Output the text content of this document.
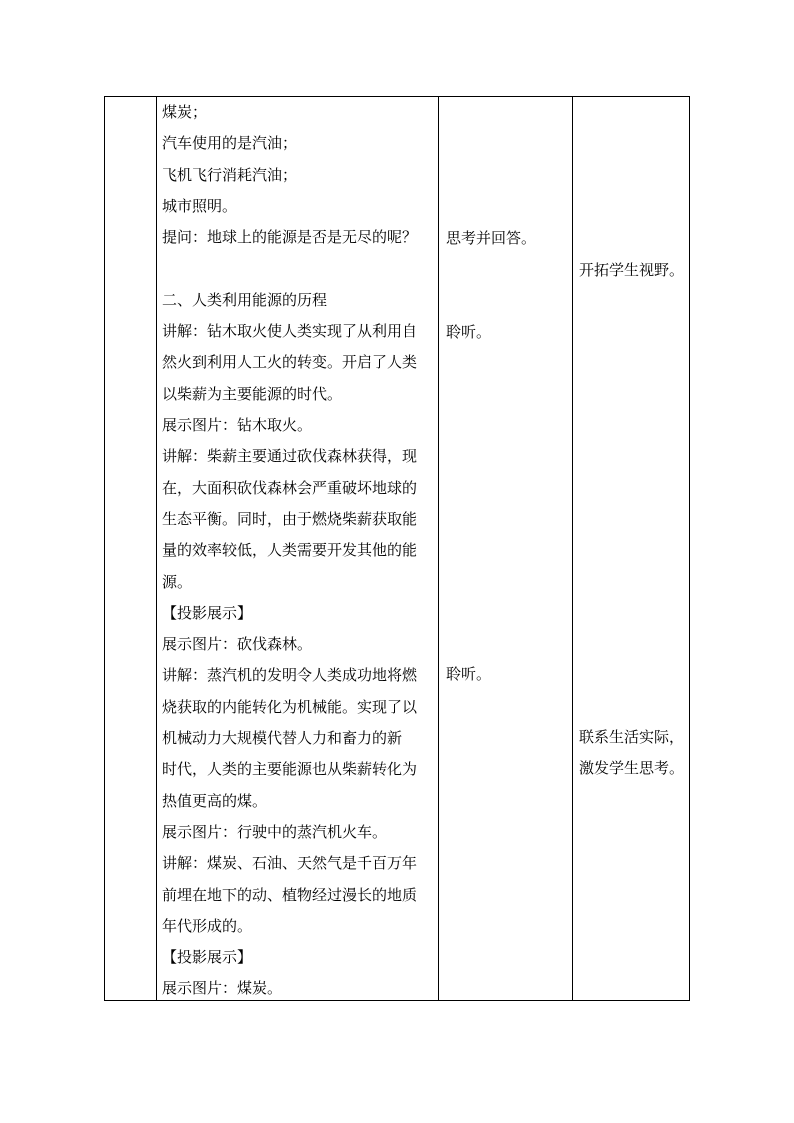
煤炭；
汽车使用的是汽油；
飞机飞行消耗汽油；
城市照明。
提问：地球上的能源是否是无尽的呢？
二、人类利用能源的历程
讲解：钻木取火使人类实现了从利用自
然火到利用人工火的转变。开启了人类
以柴薪为主要能源的时代。
展示图片：钻木取火。
讲解：柴薪主要通过砍伐森林获得，现
在，大面积砍伐森林会严重破坏地球的
生态平衡。同时，由于燃烧柴薪获取能
量的效率较低，人类需要开发其他的能
源。
【投影展示】
展示图片：砍伐森林。
讲解：蒸汽机的发明令人类成功地将燃
烧获取的内能转化为机械能。实现了以
机械动力大规模代替人力和畜力的新
时代，人类的主要能源也从柴薪转化为
热值更高的煤。
展示图片：行驶中的蒸汽机火车。
讲解：煤炭、石油、天然气是千百万年
前埋在地下的动、植物经过漫长的地质
年代形成的。
【投影展示】
展示图片：煤炭。
思考并回答。
聆听。
聆听。
开拓学生视野。
联系生活实际，
激发学生思考。
